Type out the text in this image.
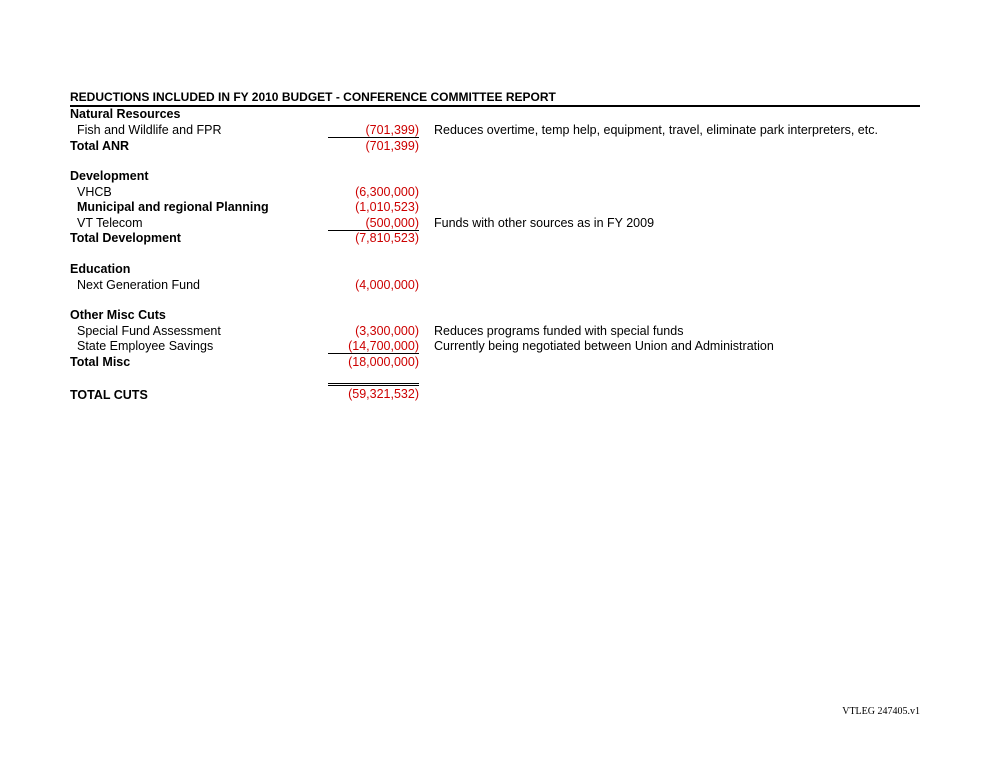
REDUCTIONS INCLUDED IN FY 2010 BUDGET - CONFERENCE COMMITTEE REPORT
Natural Resources
Fish and Wildlife and FPR	(701,399) Reduces overtime, temp help, equipment, travel, eliminate park interpreters, etc.
Total ANR	(701,399)
Development
VHCB	(6,300,000)
Municipal and regional Planning	(1,010,523)
VT Telecom	(500,000) Funds with other sources as in FY 2009
Total Development	(7,810,523)
Education
Next Generation Fund	(4,000,000)
Other Misc Cuts
Special Fund Assessment	(3,300,000) Reduces programs funded with special funds
State Employee Savings	(14,700,000) Currently being negotiated between Union and Administration
Total Misc	(18,000,000)
TOTAL CUTS	(59,321,532)
VTLEG 247405.v1
